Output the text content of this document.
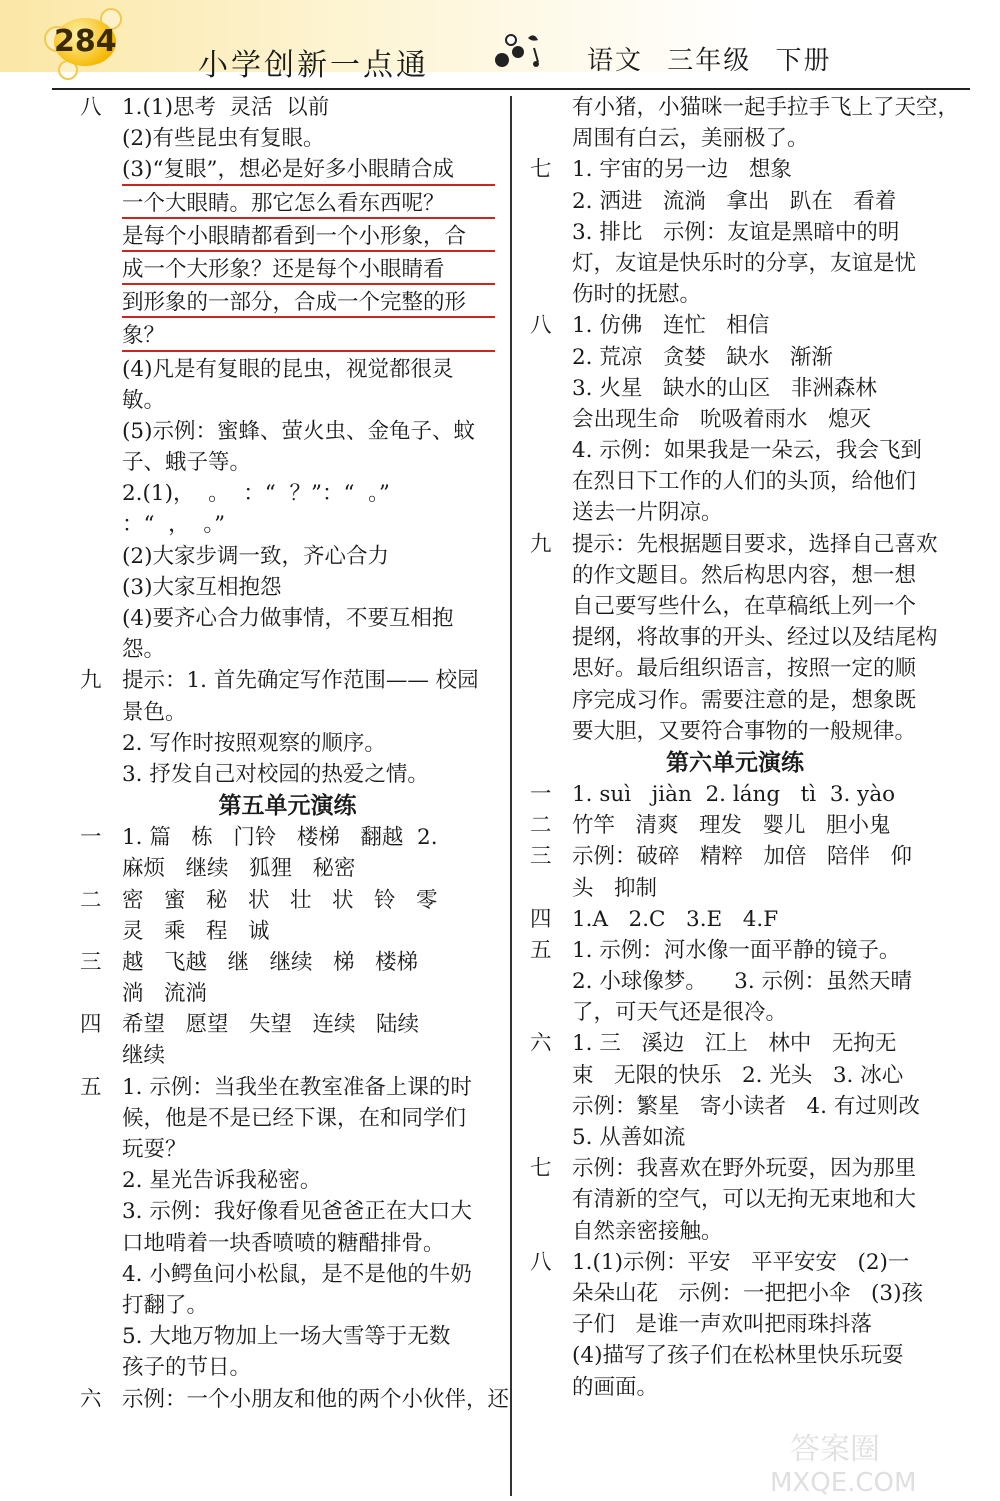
284
小学创新一点通	语文 三年级 下册
八 1.(1)思考  灵活  以前
(2)有些昆虫有复眼。
(3)“复眼”，想必是好多小眼睛合成
一个大眼睛。那它怎么看东西呢？
是每个小眼睛都看到一个小形象，合
成一个大形象？还是每个小眼睛看
到形象的一部分，合成一个完整的形
象？
(4)凡是有复眼的昆虫，视觉都很灵
敏。
(5)示例：蜜蜂、萤火虫、金龟子、蚊
子、蛾子等。
2.(1)，  。  ：“  ？”：“  。”
：“  ，  。”
(2)大家步调一致，齐心合力
(3)大家互相抱怨
(4)要齐心合力做事情，不要互相抱
怨。
九 提示：1. 首先确定写作范围—— 校园
景色。
2. 写作时按照观察的顺序。
3. 抒发自己对校园的热爱之情。
第五单元演练
一 1. 篇   栋   门铃   楼梯   翻越  2.
麻烦   继续   狐狸   秘密
二 密   蜜   秘   状   壮   状   铃   零
灵   乘   程   诚
三 越   飞越   继   继续   梯   楼梯
淌   流淌
四 希望   愿望   失望   连续   陆续
继续
五 1. 示例：当我坐在教室准备上课的时
候，他是不是已经下课，在和同学们
玩耍？
2. 星光告诉我秘密。
3. 示例：我好像看见爸爸正在大口大
口地啃着一块香喷喷的糖醋排骨。
4. 小鳄鱼问小松鼠，是不是他的牛奶
打翻了。
5. 大地万物加上一场大雪等于无数
孩子的节日。
六 示例：一个小朋友和他的两个小伙伴，还
有小猪，小猫咪一起手拉手飞上了天空，
周围有白云，美丽极了。
七 1. 宇宙的另一边   想象
2. 洒进   流淌   拿出   趴在   看着
3. 排比   示例：友谊是黑暗中的明
灯，友谊是快乐时的分享，友谊是忧
伤时的抚慰。
八 1. 仿佛   连忙   相信
2. 荒凉   贪婪   缺水   渐渐
3. 火星   缺水的山区   非洲森林
会出现生命   吮吸着雨水   熄灭
4. 示例：如果我是一朵云，我会飞到
在烈日下工作的人们的头顶，给他们
送去一片阴凉。
九 提示：先根据题目要求，选择自己喜欢
的作文题目。然后构思内容，想一想
自己要写些什么，在草稿纸上列一个
提纲，将故事的开头、经过以及结尾构
思好。最后组织语言，按照一定的顺
序完成习作。需要注意的是，想象既
要大胆，又要符合事物的一般规律。
第六单元演练
一 1. suì   jiàn  2. láng   tì  3. yào
二 竹竿   清爽   理发   婴儿   胆小鬼
三 示例：破碎   精粹   加倍   陪伴   仰
头   抑制
四 1.A   2.C   3.E   4.F
五 1. 示例：河水像一面平静的镜子。
2. 小球像梦。    3. 示例：虽然天晴
了，可天气还是很冷。
六 1. 三   溪边   江上   林中   无拘无
束   无限的快乐   2. 光头   3. 冰心
示例：繁星   寄小读者   4. 有过则改
5. 从善如流
七 示例：我喜欢在野外玩耍，因为那里
有清新的空气，可以无拘无束地和大
自然亲密接触。
八 1.(1)示例：平安   平平安安   (2)一
朵朵山花   示例：一把把小伞   (3)孩
子们   是谁一声欢叫把雨珠抖落
(4)描写了孩子们在松林里快乐玩耍
的画面。
答案圈
MXQE.COM
